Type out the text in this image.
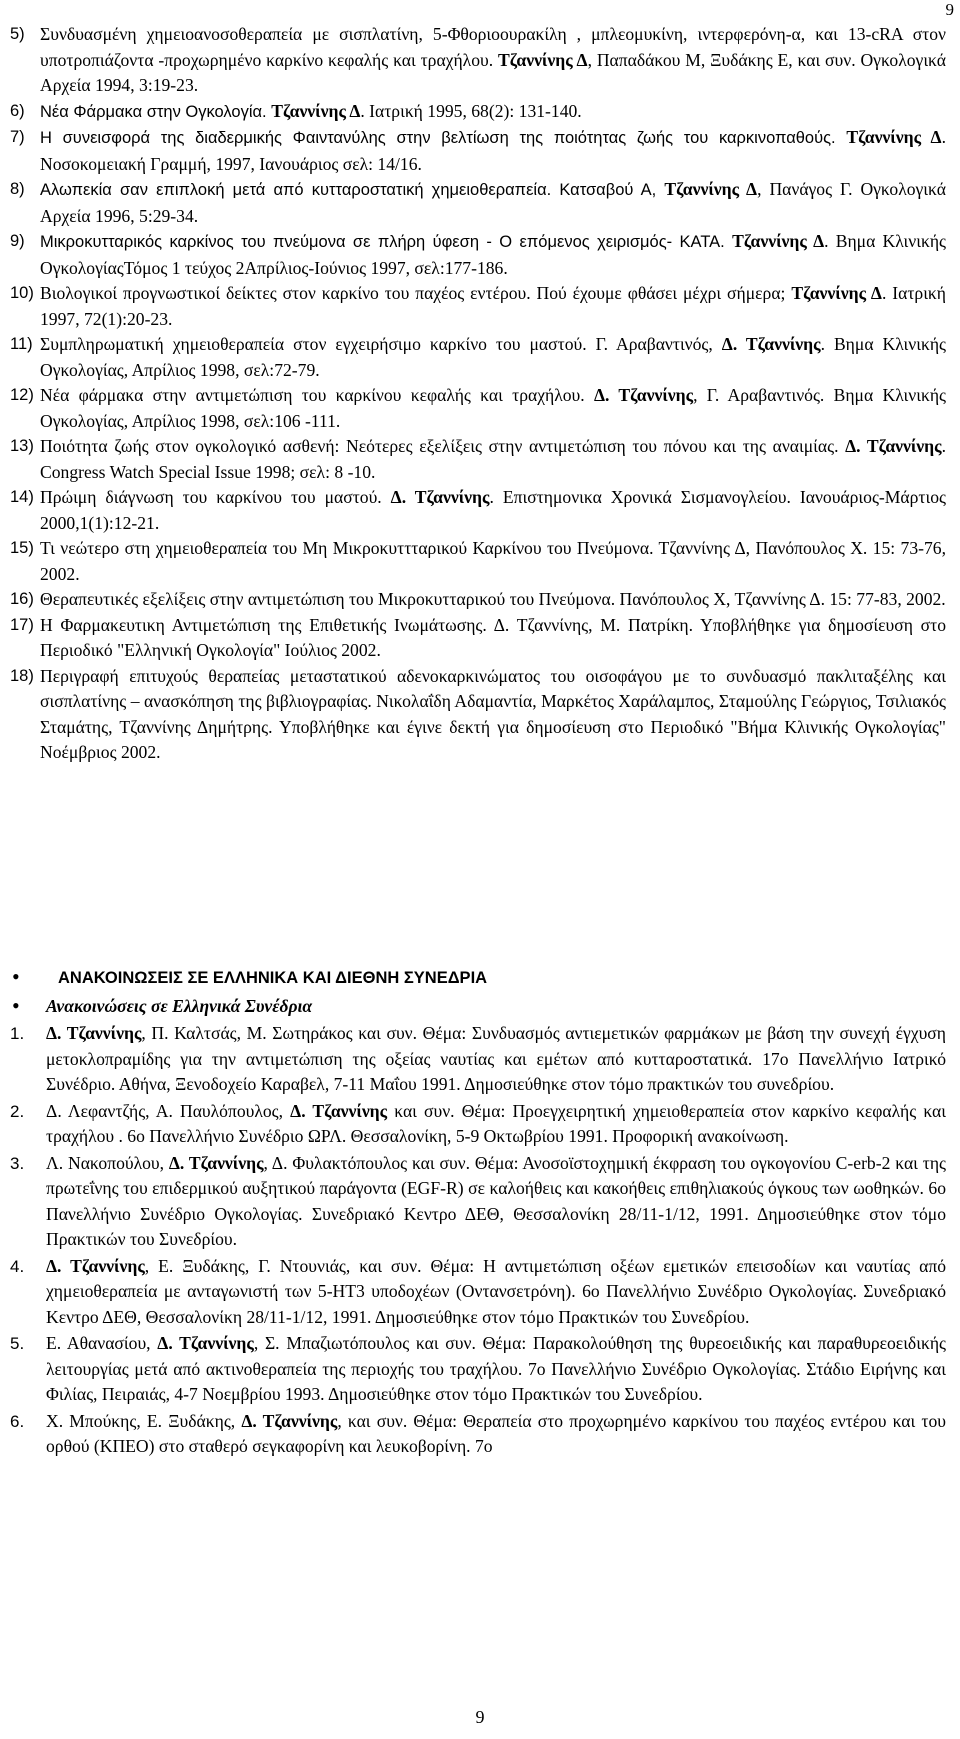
9
5) Συνδυασμένη χημειοανοσοθεραπεία με σισπλατίνη, 5-Φθοριοουρακίλη , μπλεομυκίνη, ιντερφερόνη-α, και 13-cRA στον υποτροπιάζοντα -προχωρημένο καρκίνο κεφαλής και τραχήλου. Τζαννίνης Δ, Παπαδάκου Μ, Ξυδάκης Ε, και συν. Ογκολογικά Αρχεία 1994, 3:19-23.
6) Νέα Φάρμακα στην Ογκολογία. Τζαννίνης Δ. Ιατρική 1995, 68(2): 131-140.
7) Η συνεισφορά της διαδερμικής Φαιντανύλης στην βελτίωση της ποιότητας ζωής του καρκινοπαθούς. Τζαννίνης Δ. Νοσοκομειακή Γραμμή, 1997, Ιανουάριος σελ: 14/16.
8) Αλωπεκία σαν επιπλοκή μετά από κυτταροστατική χημειοθεραπεία. Κατσαβού Α, Τζαννίνης Δ, Πανάγος Γ. Ογκολογικά Αρχεία 1996, 5:29-34.
9) Μικροκυτταρικός καρκίνος του πνεύμονα σε πλήρη ύφεση - Ο επόμενος χειρισμός- ΚΑΤΑ. Τζαννίνης Δ. Βημα Κλινικής ΟγκολογίαςΤόμος 1 τεύχος 2Απρίλιος-Ιούνιος 1997, σελ:177-186.
10) Βιολογικοί προγνωστικοί δείκτες στον καρκίνο του παχέος εντέρου. Πού έχουμε φθάσει μέχρι σήμερα; Τζαννίνης Δ. Ιατρική 1997, 72(1):20-23.
11) Συμπληρωματική χημειοθεραπεία στον εγχειρήσιμο καρκίνο του μαστού. Γ. Αραβαντινός, Δ. Τζαννίνης. Βημα Κλινικής Ογκολογίας, Απρίλιος 1998, σελ:72-79.
12) Νέα φάρμακα στην αντιμετώπιση του καρκίνου κεφαλής και τραχήλου. Δ. Τζαννίνης, Γ. Αραβαντινός. Βημα Κλινικής Ογκολογίας, Απρίλιος 1998, σελ:106 -111.
13) Ποιότητα ζωής στον ογκολογικό ασθενή: Νεότερες εξελίξεις στην αντιμετώπιση του πόνου και της αναιμίας. Δ. Τζαννίνης. Congress Watch Special Issue 1998; σελ: 8 -10.
14) Πρώιμη διάγνωση του καρκίνου του μαστού. Δ. Τζαννίνης. Επιστημονικα Χρονικά Σισμανογλείου. Ιανουάριος-Μάρτιος 2000,1(1):12-21.
15) Τι νεώτερο στη χημειοθεραπεία του Μη Μικροκυττταρικού Καρκίνου του Πνεύμονα. Τζαννίνης Δ, Πανόπουλος Χ. 15: 73-76, 2002.
16) Θεραπευτικές εξελίξεις στην αντιμετώπιση του Μικροκυτταρικού του Πνεύμονα. Πανόπουλος Χ, Τζαννίνης Δ. 15: 77-83, 2002.
17) Η Φαρμακευτικη Αντιμετώπιση της Επιθετικής Ινωμάτωσης. Δ. Τζαννίνης, Μ. Πατρίκη. Υποβλήθηκε για δημοσίευση στο Περιοδικό "Ελληνική Ογκολογία" Ιούλιος 2002.
18) Περιγραφή επιτυχούς θεραπείας μεταστατικού αδενοκαρκινώματος του οισοφάγου με το συνδυασμό πακλιταξέλης και σισπλατίνης – ανασκόπηση της βιβλιογραφίας. Νικολαΐδη Αδαμαντία, Μαρκέτος Χαράλαμπος, Σταμούλης Γεώργιος, Τσιλιακός Σταμάτης, Τζαννίνης Δημήτρης. Υποβλήθηκε και έγινε δεκτή για δημοσίευση στο Περιοδικό "Βήμα Κλινικής Ογκολογίας" Νοέμβριος 2002.
• ΑΝΑΚΟΙΝΩΣΕΙΣ ΣΕ ΕΛΛΗΝΙΚΑ ΚΑΙ ΔΙΕΘΝΗ ΣΥΝΕΔΡΙΑ
• Ανακοινώσεις σε Ελληνικά Συνέδρια
1. Δ. Τζαννίνης, Π. Καλτσάς, Μ. Σωτηράκος και συν. Θέμα: Συνδυασμός αντιεμετικών φαρμάκων με βάση την συνεχή έγχυση μετοκλοπραμίδης για την αντιμετώπιση της οξείας ναυτίας και εμέτων από κυτταροστατικά. 17ο Πανελλήνιο Ιατρικό Συνέδριο. Αθήνα, Ξενοδοχείο Καραβελ, 7-11 Μαΐου 1991. Δημοσιεύθηκε στον τόμο πρακτικών του συνεδρίου.
2. Δ. Λεφαντζής, Α. Παυλόπουλος, Δ. Τζαννίνης και συν. Θέμα: Προεγχειρητική χημειοθεραπεία στον καρκίνο κεφαλής και τραχήλου . 6ο Πανελλήνιο Συνέδριο ΩΡΛ. Θεσσαλονίκη, 5-9 Οκτωβρίου 1991. Προφορική ανακοίνωση.
3. Λ. Νακοπούλου, Δ. Τζαννίνης, Δ. Φυλακτόπουλος και συν. Θέμα: Ανοσοϊστοχημική έκφραση του ογκογονίου C-erb-2 και της πρωτεΐνης του επιδερμικού αυξητικού παράγοντα (EGF-R) σε καλοήθεις και κακοήθεις επιθηλιακούς όγκους των ωοθηκών. 6ο Πανελλήνιο Συνέδριο Ογκολογίας. Συνεδριακό Κεντρο ΔΕΘ, Θεσσαλονίκη 28/11-1/12, 1991. Δημοσιεύθηκε στον τόμο Πρακτικών του Συνεδρίου.
4. Δ. Τζαννίνης, Ε. Ξυδάκης, Γ. Ντουνιάς, και συν. Θέμα: Η αντιμετώπιση οξέων εμετικών επεισοδίων και ναυτίας από χημειοθεραπεία με ανταγωνιστή των 5-HT3 υποδοχέων (Οντανσετρόνη). 6ο Πανελλήνιο Συνέδριο Ογκολογίας. Συνεδριακό Κεντρο ΔΕΘ, Θεσσαλονίκη 28/11-1/12, 1991. Δημοσιεύθηκε στον τόμο Πρακτικών του Συνεδρίου.
5. Ε. Αθανασίου, Δ. Τζαννίνης, Σ. Μπαζιωτόπουλος και συν. Θέμα: Παρακολούθηση της θυρεοειδικής και παραθυρεοειδικής λειτουργίας μετά από ακτινοθεραπεία της περιοχής του τραχήλου. 7ο Πανελλήνιο Συνέδριο Ογκολογίας. Στάδιο Ειρήνης και Φιλίας, Πειραιάς, 4-7 Νοεμβρίου 1993. Δημοσιεύθηκε στον τόμο Πρακτικών του Συνεδρίου.
6. Χ. Μπούκης, Ε. Ξυδάκης, Δ. Τζαννίνης, και συν. Θέμα: Θεραπεία στο προχωρημένο καρκίνου του παχέος εντέρου και του ορθού (ΚΠΕΟ) στο σταθερό σεγκαφορίνη και λευκοβορίνη. 7ο
9
